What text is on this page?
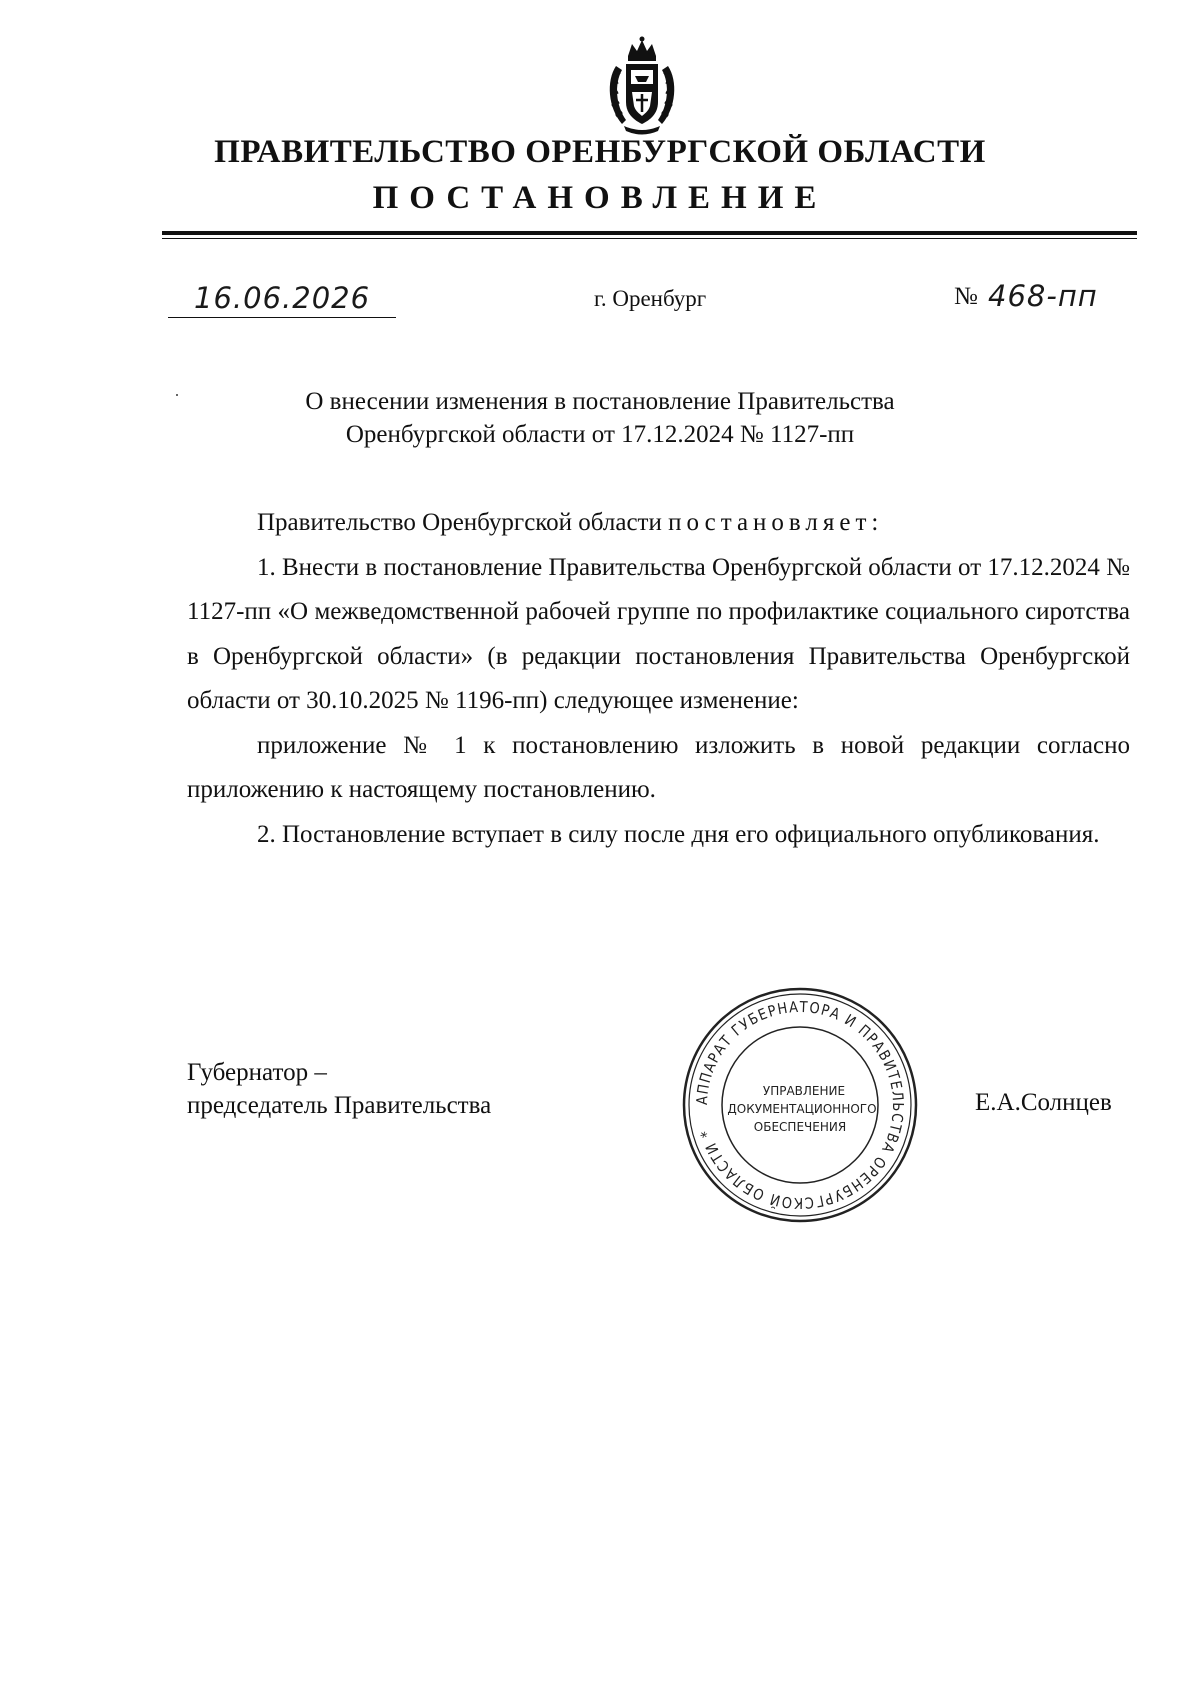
ПРАВИТЕЛЬСТВО ОРЕНБУРГСКОЙ ОБЛАСТИ
ПОСТАНОВЛЕНИЕ
16.06.2026	г. Оренбург	№ 468-пп
О внесении изменения в постановление Правительства
Оренбургской области от 17.12.2024 № 1127-пп

Правительство Оренбургской области постановляет:

1. Внести в постановление Правительства Оренбургской области от 17.12.2024 № 1127-пп «О межведомственной рабочей группе по профилактике социального сиротства в Оренбургской области» (в редакции постановления Правительства Оренбургской области от 30.10.2025 № 1196-пп) следующее изменение:

приложение № 1 к постановлению изложить в новой редакции согласно приложению к настоящему постановлению.

2. Постановление вступает в силу после дня его официального опубликования.

Губернатор –
председатель Правительства	Е.А.Солнцев
АППАРАТ ГУБЕРНАТОРА И ПРАВИТЕЛЬСТВА ОРЕНБУРГСКОЙ ОБЛАСТИ *
УПРАВЛЕНИЕ
ДОКУМЕНТАЦИОННОГО
ОБЕСПЕЧЕНИЯ
